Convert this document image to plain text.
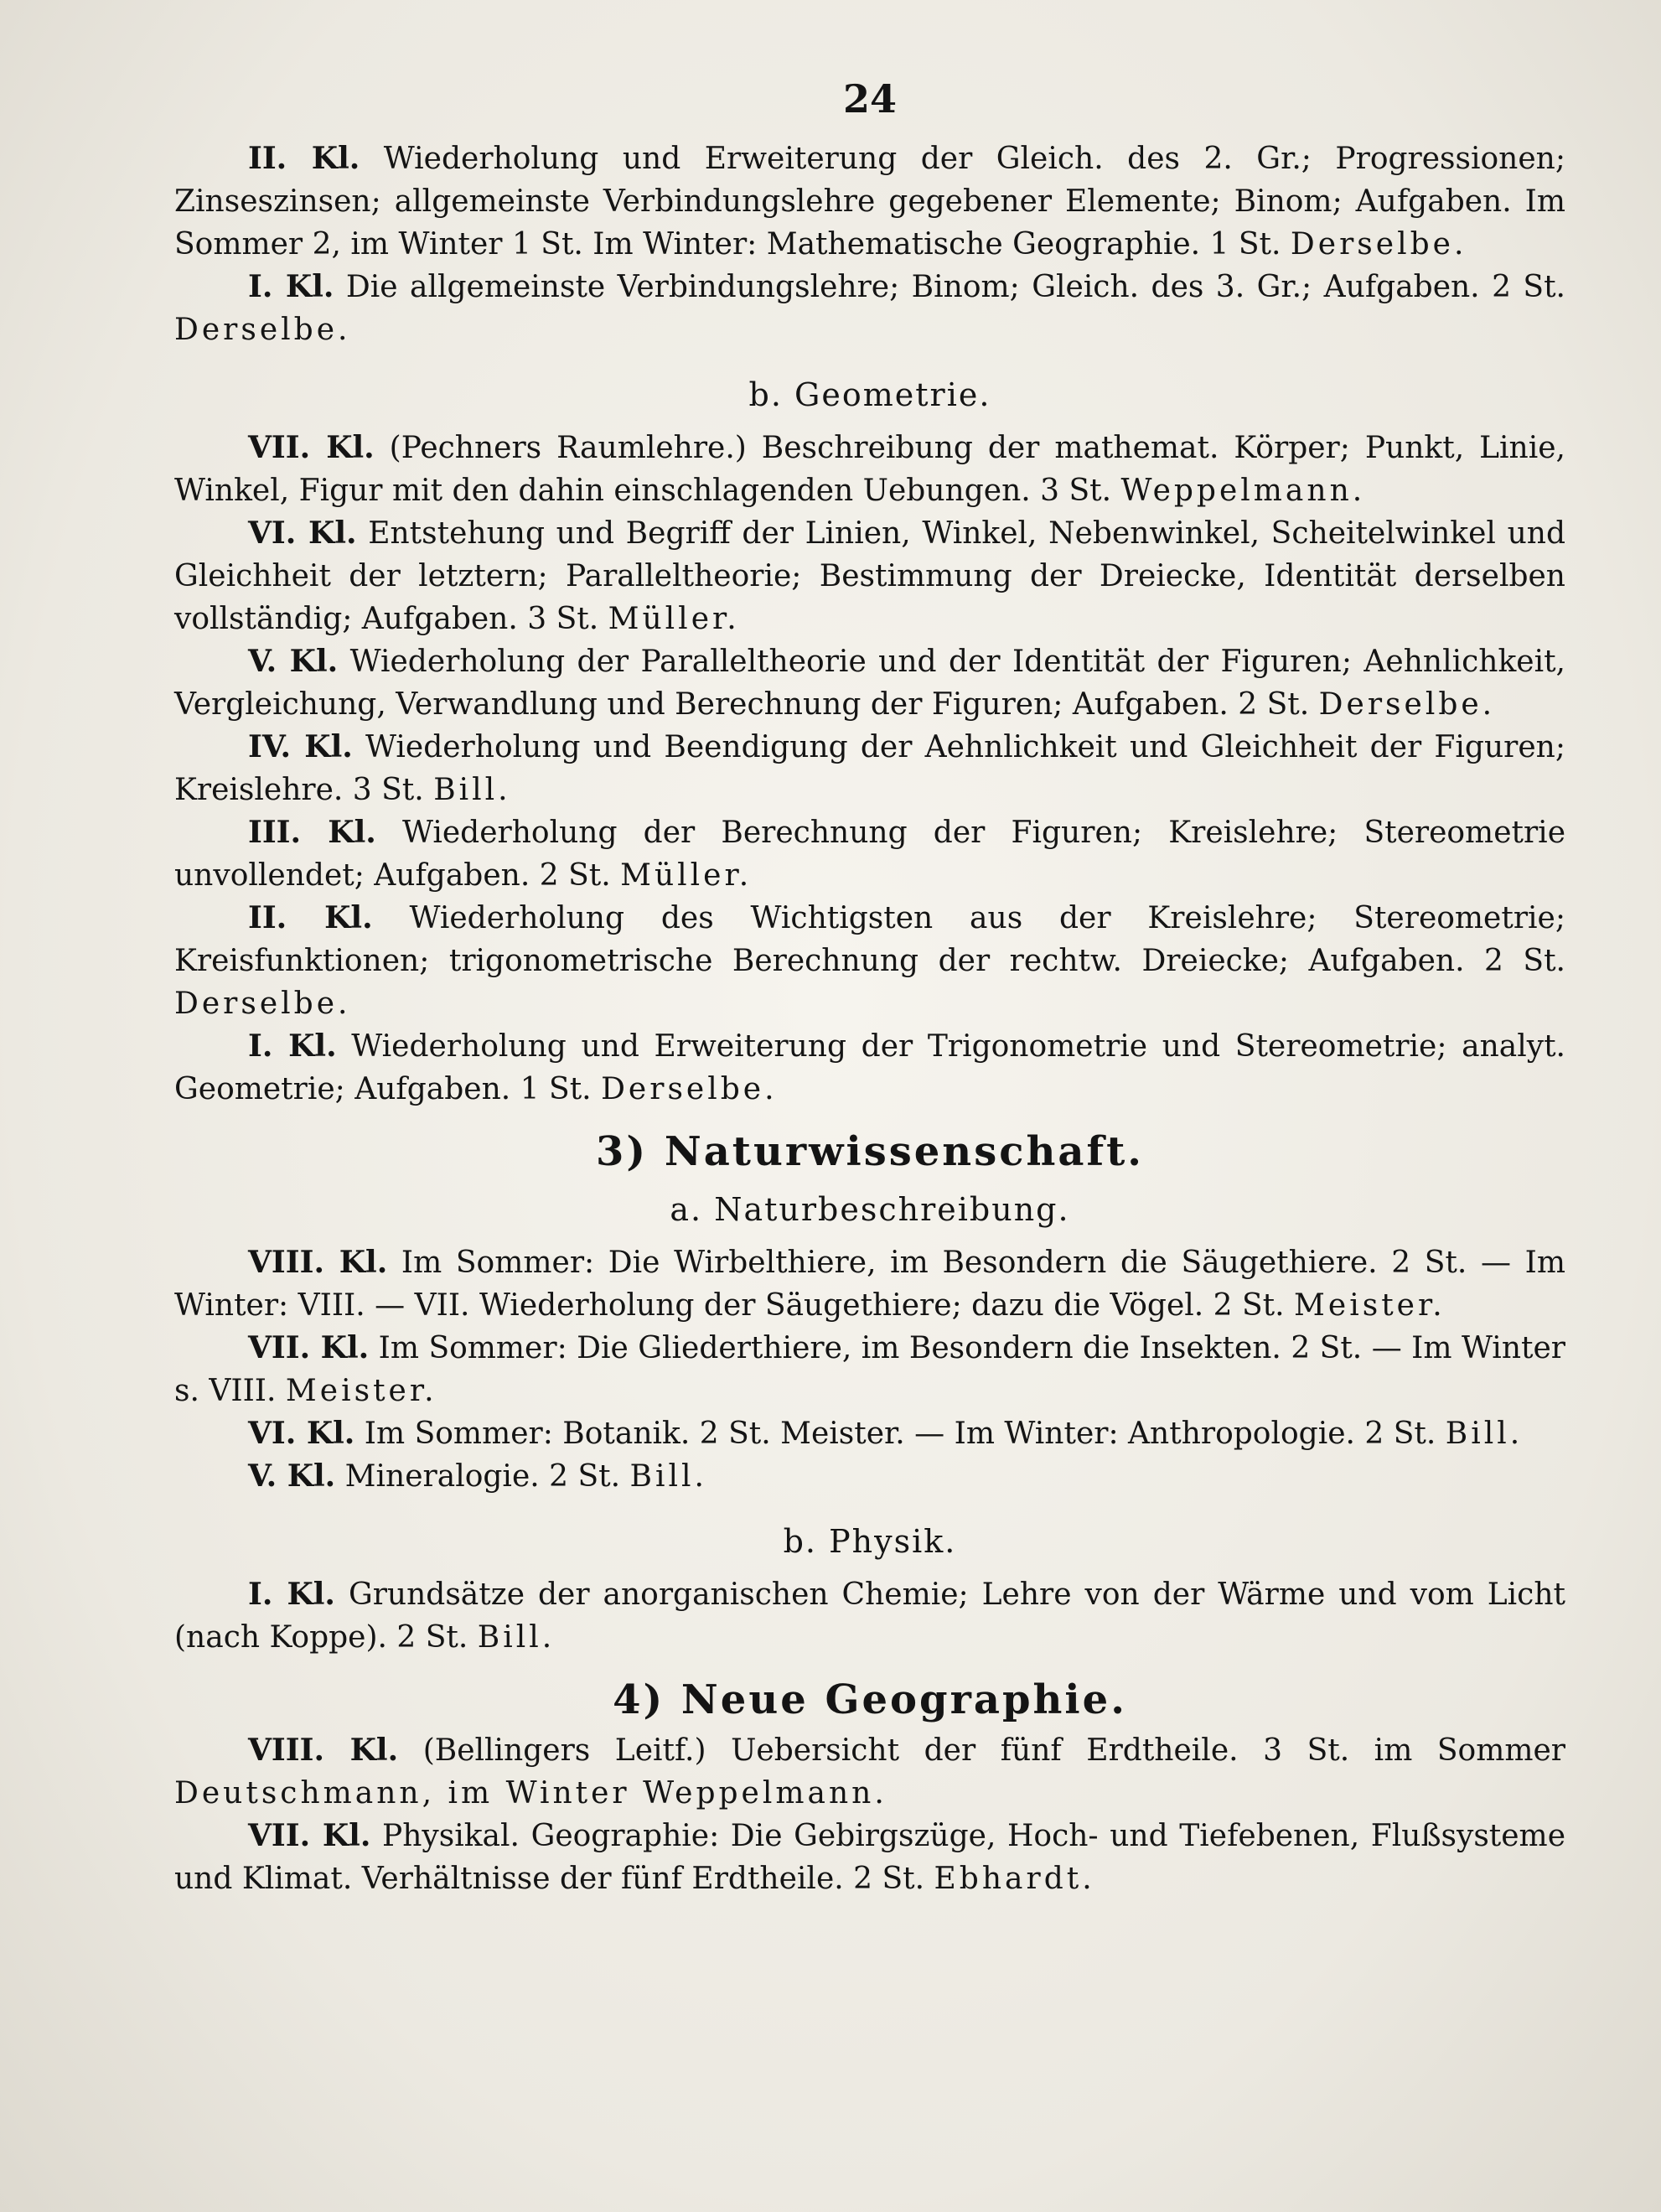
24

II. Kl. Wiederholung und Erweiterung der Gleich. des 2. Gr.; Progressionen; Zinseszinsen; allgemeinste Verbindungslehre gegebener Elemente; Binom; Aufgaben. Im Sommer 2, im Winter 1 St. Im Winter: Mathematische Geographie. 1 St. Derselbe.

I. Kl. Die allgemeinste Verbindungslehre; Binom; Gleich. des 3. Gr.; Aufgaben. 2 St. Derselbe.

b. Geometrie.

VII. Kl. (Pechners Raumlehre.) Beschreibung der mathemat. Körper; Punkt, Linie, Winkel, Figur mit den dahin einschlagenden Uebungen. 3 St. Weppelmann.

VI. Kl. Entstehung und Begriff der Linien, Winkel, Nebenwinkel, Scheitelwinkel und Gleichheit der letztern; Paralleltheorie; Bestimmung der Dreiecke, Identität derselben vollständig; Aufgaben. 3 St. Müller.

V. Kl. Wiederholung der Paralleltheorie und der Identität der Figuren; Aehnlichkeit, Vergleichung, Verwandlung und Berechnung der Figuren; Aufgaben. 2 St. Derselbe.

IV. Kl. Wiederholung und Beendigung der Aehnlichkeit und Gleichheit der Figuren; Kreislehre. 3 St. Bill.

III. Kl. Wiederholung der Berechnung der Figuren; Kreislehre; Stereometrie unvollendet; Aufgaben. 2 St. Müller.

II. Kl. Wiederholung des Wichtigsten aus der Kreislehre; Stereometrie; Kreisfunktionen; trigonometrische Berechnung der rechtw. Dreiecke; Aufgaben. 2 St. Derselbe.

I. Kl. Wiederholung und Erweiterung der Trigonometrie und Stereometrie; analyt. Geometrie; Aufgaben. 1 St. Derselbe.

3) Naturwissenschaft.
a. Naturbeschreibung.

VIII. Kl. Im Sommer: Die Wirbelthiere, im Besondern die Säugethiere. 2 St. — Im Winter: VIII. — VII. Wiederholung der Säugethiere; dazu die Vögel. 2 St. Meister.

VII. Kl. Im Sommer: Die Gliederthiere, im Besondern die Insekten. 2 St. — Im Winter s. VIII. Meister.

VI. Kl. Im Sommer: Botanik. 2 St. Meister. — Im Winter: Anthropologie. 2 St. Bill.

V. Kl. Mineralogie. 2 St. Bill.

b. Physik.

I. Kl. Grundsätze der anorganischen Chemie; Lehre von der Wärme und vom Licht (nach Koppe). 2 St. Bill.

4) Neue Geographie.

VIII. Kl. (Bellingers Leitf.) Uebersicht der fünf Erdtheile. 3 St. im Sommer Deutschmann, im Winter Weppelmann.

VII. Kl. Physikal. Geographie: Die Gebirgszüge, Hoch- und Tiefebenen, Flußsysteme und Klimat. Verhältnisse der fünf Erdtheile. 2 St. Ebhardt.
